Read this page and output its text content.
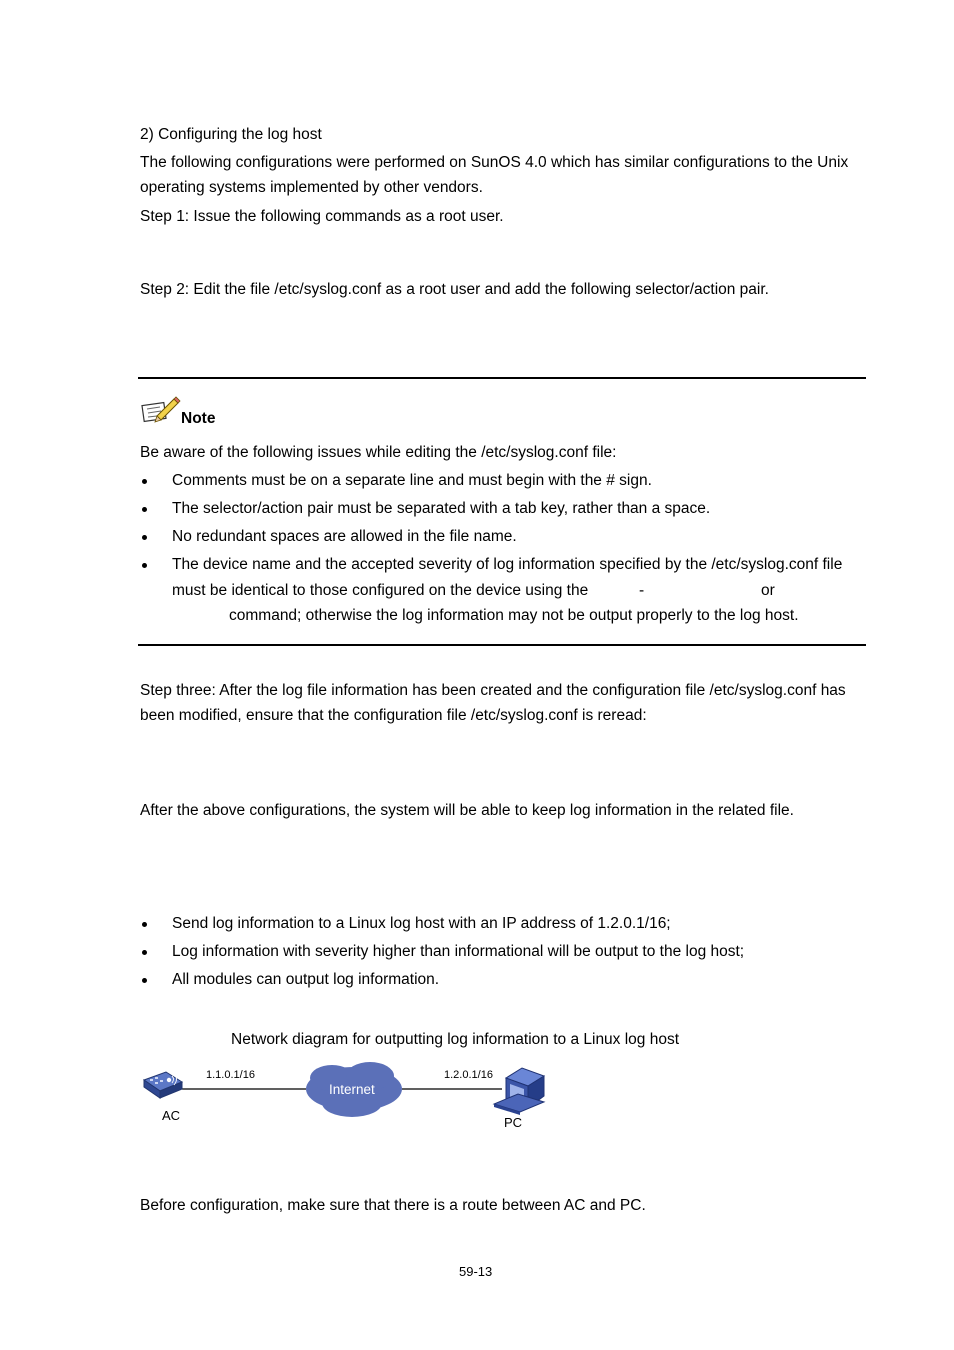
2) Configuring the log host
The following configurations were performed on SunOS 4.0 which has similar configurations to the Unix
operating systems implemented by other vendors.
Step 1: Issue the following commands as a root user.
Step 2: Edit the file /etc/syslog.conf as a root user and add the following selector/action pair.
Note
Be aware of the following issues while editing the /etc/syslog.conf file:
Comments must be on a separate line and must begin with the # sign.
The selector/action pair must be separated with a tab key, rather than a space.
No redundant spaces are allowed in the file name.
The device name and the accepted severity of log information specified by the /etc/syslog.conf file
must be identical to those configured on the device using the	-	or
command; otherwise the log information may not be output properly to the log host.
Step three: After the log file information has been created and the configuration file /etc/syslog.conf has
been modified, ensure that the configuration file /etc/syslog.conf is reread:
After the above configurations, the system will be able to keep log information in the related file.
Send log information to a Linux log host with an IP address of 1.2.0.1/16;
Log information with severity higher than informational will be output to the log host;
All modules can output log information.
Network diagram for outputting log information to a Linux log host
1.1.0.1/16	1.2.0.1/16
Internet
AC	PC
Before configuration, make sure that there is a route between AC and PC.
59-13
